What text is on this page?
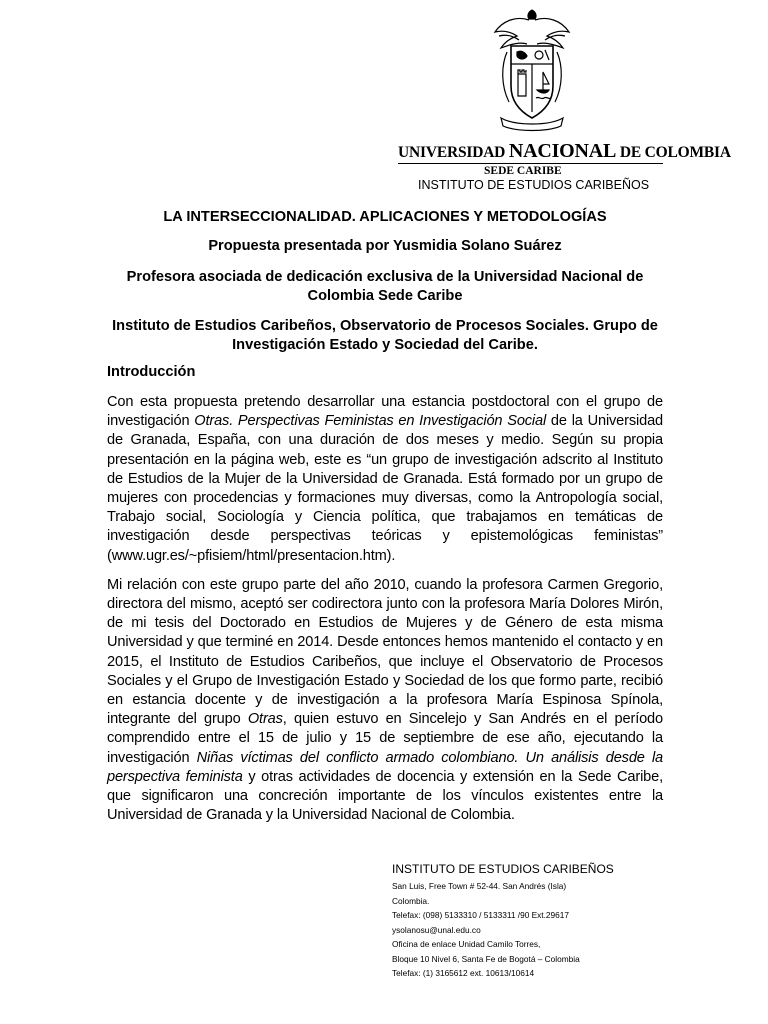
UNIVERSIDAD NACIONAL DE COLOMBIA
SEDE CARIBE
INSTITUTO DE ESTUDIOS CARIBEÑOS
LA INTERSECCIONALIDAD. APLICACIONES Y METODOLOGÍAS
Propuesta presentada por Yusmidia Solano Suárez
Profesora asociada de dedicación exclusiva de la Universidad Nacional de Colombia Sede Caribe
Instituto de Estudios Caribeños, Observatorio de Procesos Sociales. Grupo de Investigación Estado y Sociedad del Caribe.
Introducción

Con esta propuesta pretendo desarrollar una estancia postdoctoral con el grupo de investigación Otras. Perspectivas Feministas en Investigación Social de la Universidad de Granada, España, con una duración de dos meses y medio. Según su propia presentación en la página web, este es “un grupo de investigación adscrito al Instituto de Estudios de la Mujer de la Universidad de Granada. Está formado por un grupo de mujeres con procedencias y formaciones muy diversas, como la Antropología social, Trabajo social, Sociología y Ciencia política, que trabajamos en temáticas de investigación desde perspectivas teóricas y epistemológicas feministas” (www.ugr.es/~pfisiem/html/presentacion.htm).

Mi relación con este grupo parte del año 2010, cuando la profesora Carmen Gregorio, directora del mismo, aceptó ser codirectora junto con la profesora María Dolores Mirón, de mi tesis del Doctorado en Estudios de Mujeres y de Género de esta misma Universidad y que terminé en 2014. Desde entonces hemos mantenido el contacto y en 2015, el Instituto de Estudios Caribeños, que incluye el Observatorio de Procesos Sociales y el Grupo de Investigación Estado y Sociedad de los que formo parte, recibió en estancia docente y de investigación a la profesora María Espinosa Spínola, integrante del grupo Otras, quien estuvo en Sincelejo y San Andrés en el período comprendido entre el 15 de julio y 15 de septiembre de ese año, ejecutando la investigación Niñas víctimas del conflicto armado colombiano. Un análisis desde la perspectiva feminista y otras actividades de docencia y extensión en la Sede Caribe, que significaron una concreción importante de los vínculos existentes entre la Universidad de Granada y la Universidad Nacional de Colombia.

INSTITUTO DE ESTUDIOS CARIBEÑOS
San Luis, Free Town # 52-44. San Andrés (Isla)
Colombia.
Telefax: (098) 5133310 / 5133311 /90 Ext.29617
ysolanosu@unal.edu.co
Oficina de enlace Unidad Camilo Torres,
Bloque 10 Nivel 6, Santa Fe de Bogotá – Colombia
Telefax: (1) 3165612 ext. 10613/10614
